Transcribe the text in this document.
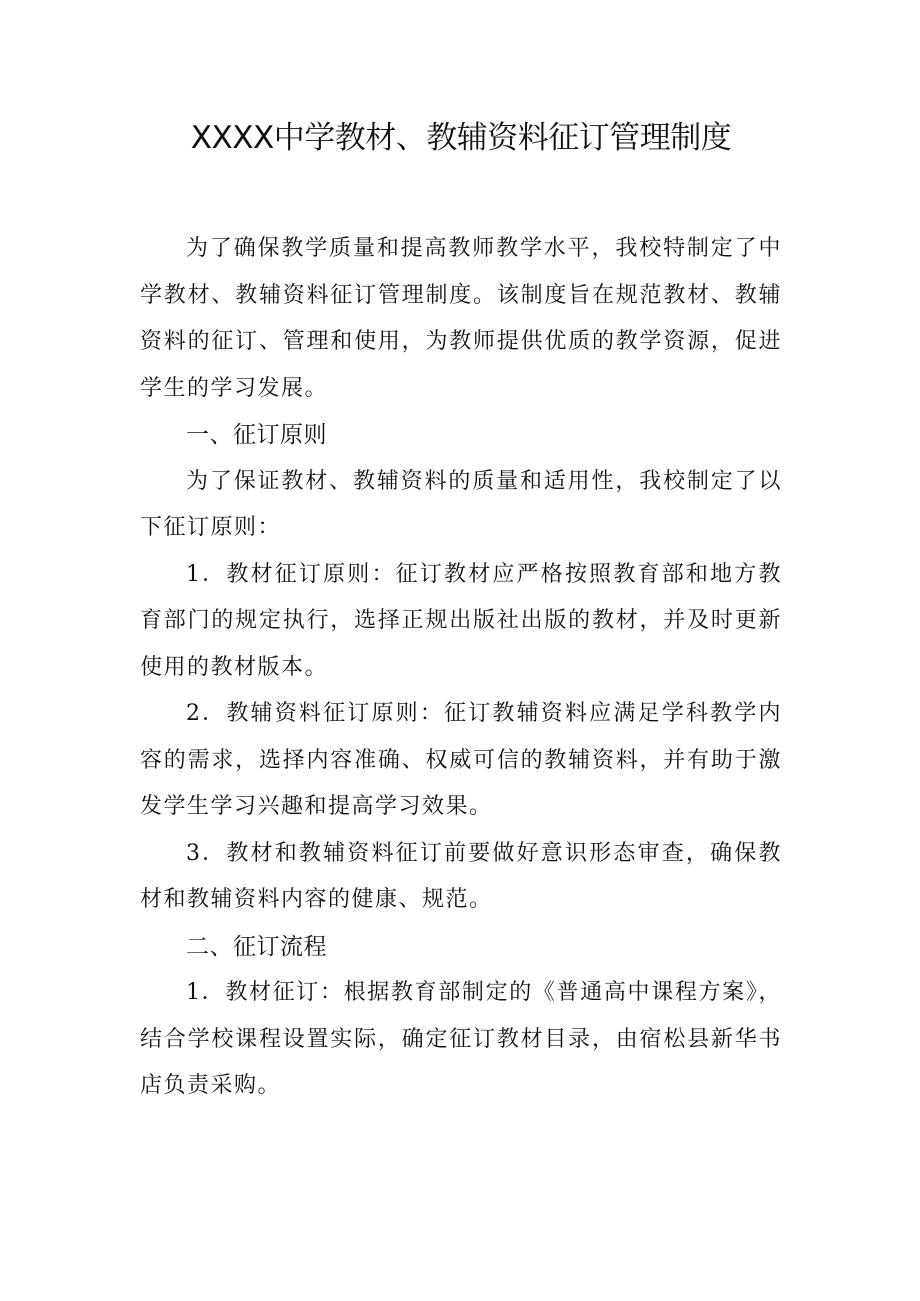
XXXX中学教材、教辅资料征订管理制度

为了确保教学质量和提高教师教学水平，我校特制定了中学教材、教辅资料征订管理制度。该制度旨在规范教材、教辅资料的征订、管理和使用，为教师提供优质的教学资源，促进学生的学习发展。

一、征订原则

为了保证教材、教辅资料的质量和适用性，我校制定了以下征订原则：

1．教材征订原则：征订教材应严格按照教育部和地方教育部门的规定执行，选择正规出版社出版的教材，并及时更新使用的教材版本。

2．教辅资料征订原则：征订教辅资料应满足学科教学内容的需求，选择内容准确、权威可信的教辅资料，并有助于激发学生学习兴趣和提高学习效果。

3．教材和教辅资料征订前要做好意识形态审查，确保教材和教辅资料内容的健康、规范。

二、征订流程

1．教材征订：根据教育部制定的《普通高中课程方案》，结合学校课程设置实际，确定征订教材目录，由宿松县新华书店负责采购。
